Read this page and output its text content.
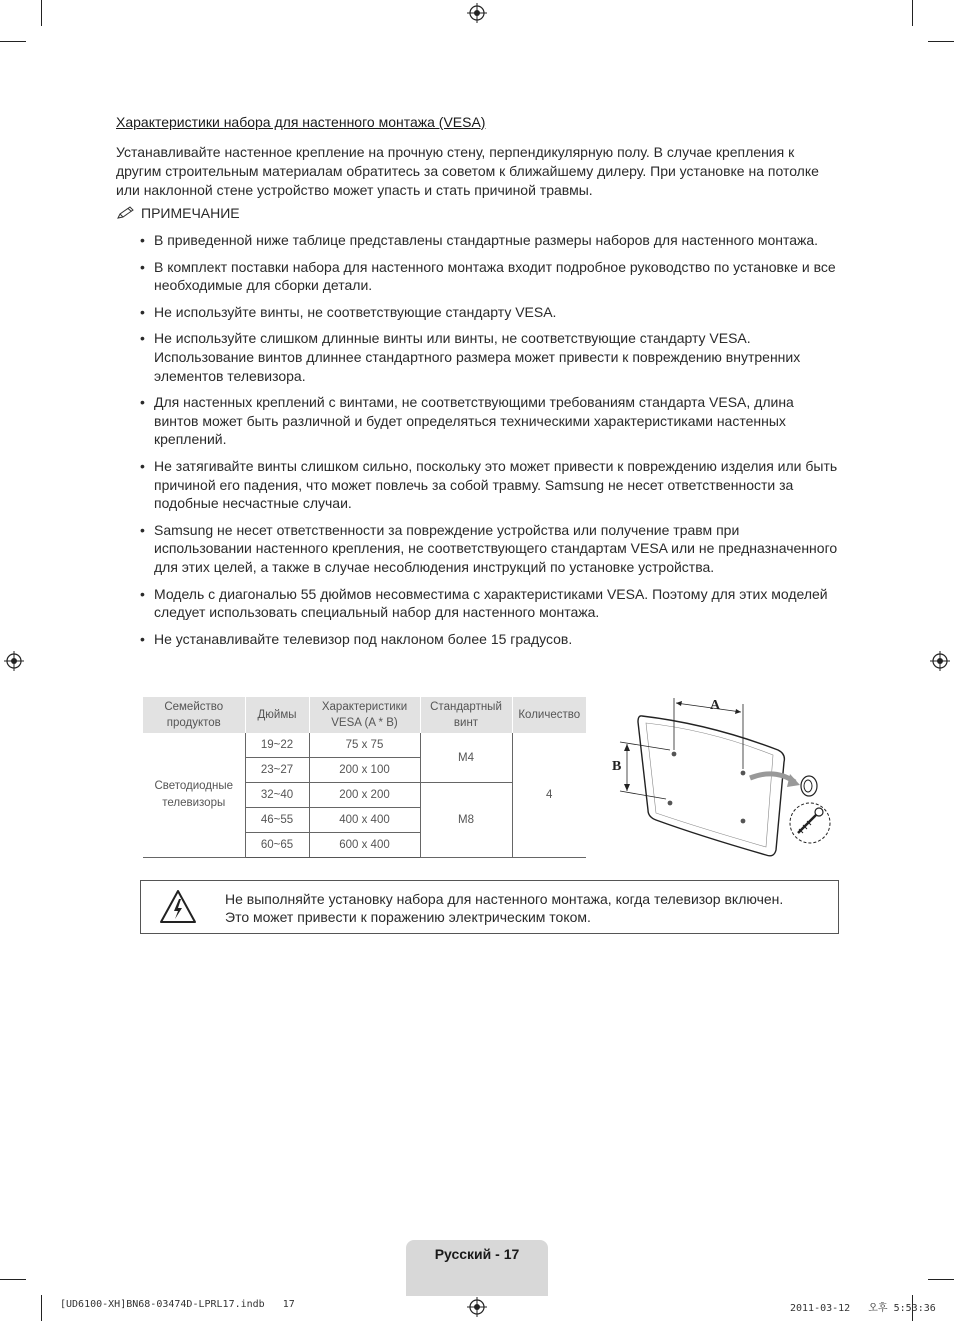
Характеристики набора для настенного монтажа (VESA)
Устанавливайте настенное крепление на прочную стену, перпендикулярную полу. В случае крепления к другим строительным материалам обратитесь за советом к ближайшему дилеру. При установке на потолке или наклонной стене устройство может упасть и стать причиной травмы.
ПРИМЕЧАНИЕ
• В приведенной ниже таблице представлены стандартные размеры наборов для настенного монтажа.
• В комплект поставки набора для настенного монтажа входит подробное руководство по установке и все необходимые для сборки детали.
• Не используйте винты, не соответствующие стандарту VESA.
• Не используйте слишком длинные винты или винты, не соответствующие стандарту VESA. Использование винтов длиннее стандартного размера может привести к повреждению внутренних элементов телевизора.
• Для настенных креплений с винтами, не соответствующими требованиям стандарта VESA, длина винтов может быть различной и будет определяться техническими характеристиками настенных креплений.
• Не затягивайте винты слишком сильно, поскольку это может привести к повреждению изделия или быть причиной его падения, что может повлечь за собой травму. Samsung не несет ответственности за подобные несчастные случаи.
• Samsung не несет ответственности за повреждение устройства или получение травм при использовании настенного крепления, не соответствующего стандартам VESA или не предназначенного для этих целей, а также в случае несоблюдения инструкций по установке устройства.
• Модель с диагональю 55 дюймов несовместима с характеристиками VESA. Поэтому для этих моделей следует использовать специальный набор для настенного монтажа.
• Не устанавливайте телевизор под наклоном более 15 градусов.
Семейство продуктов	Дюймы	Характеристики VESA (A * B)	Стандартный винт	Количество
Светодиодные телевизоры	19~22	75 x 75	M4	4
	23~27	200 x 100		
	32~40	200 x 200	M8	
	46~55	400 x 400		
	60~65	600 x 400		
A
B
Не выполняйте установку набора для настенного монтажа, когда телевизор включен.
Это может привести к поражению электрическим током.
Русский - 17
[UD6100-XH]BN68-03474D-LPRL17.indb   17	2011-03-12   오후 5:53:36
